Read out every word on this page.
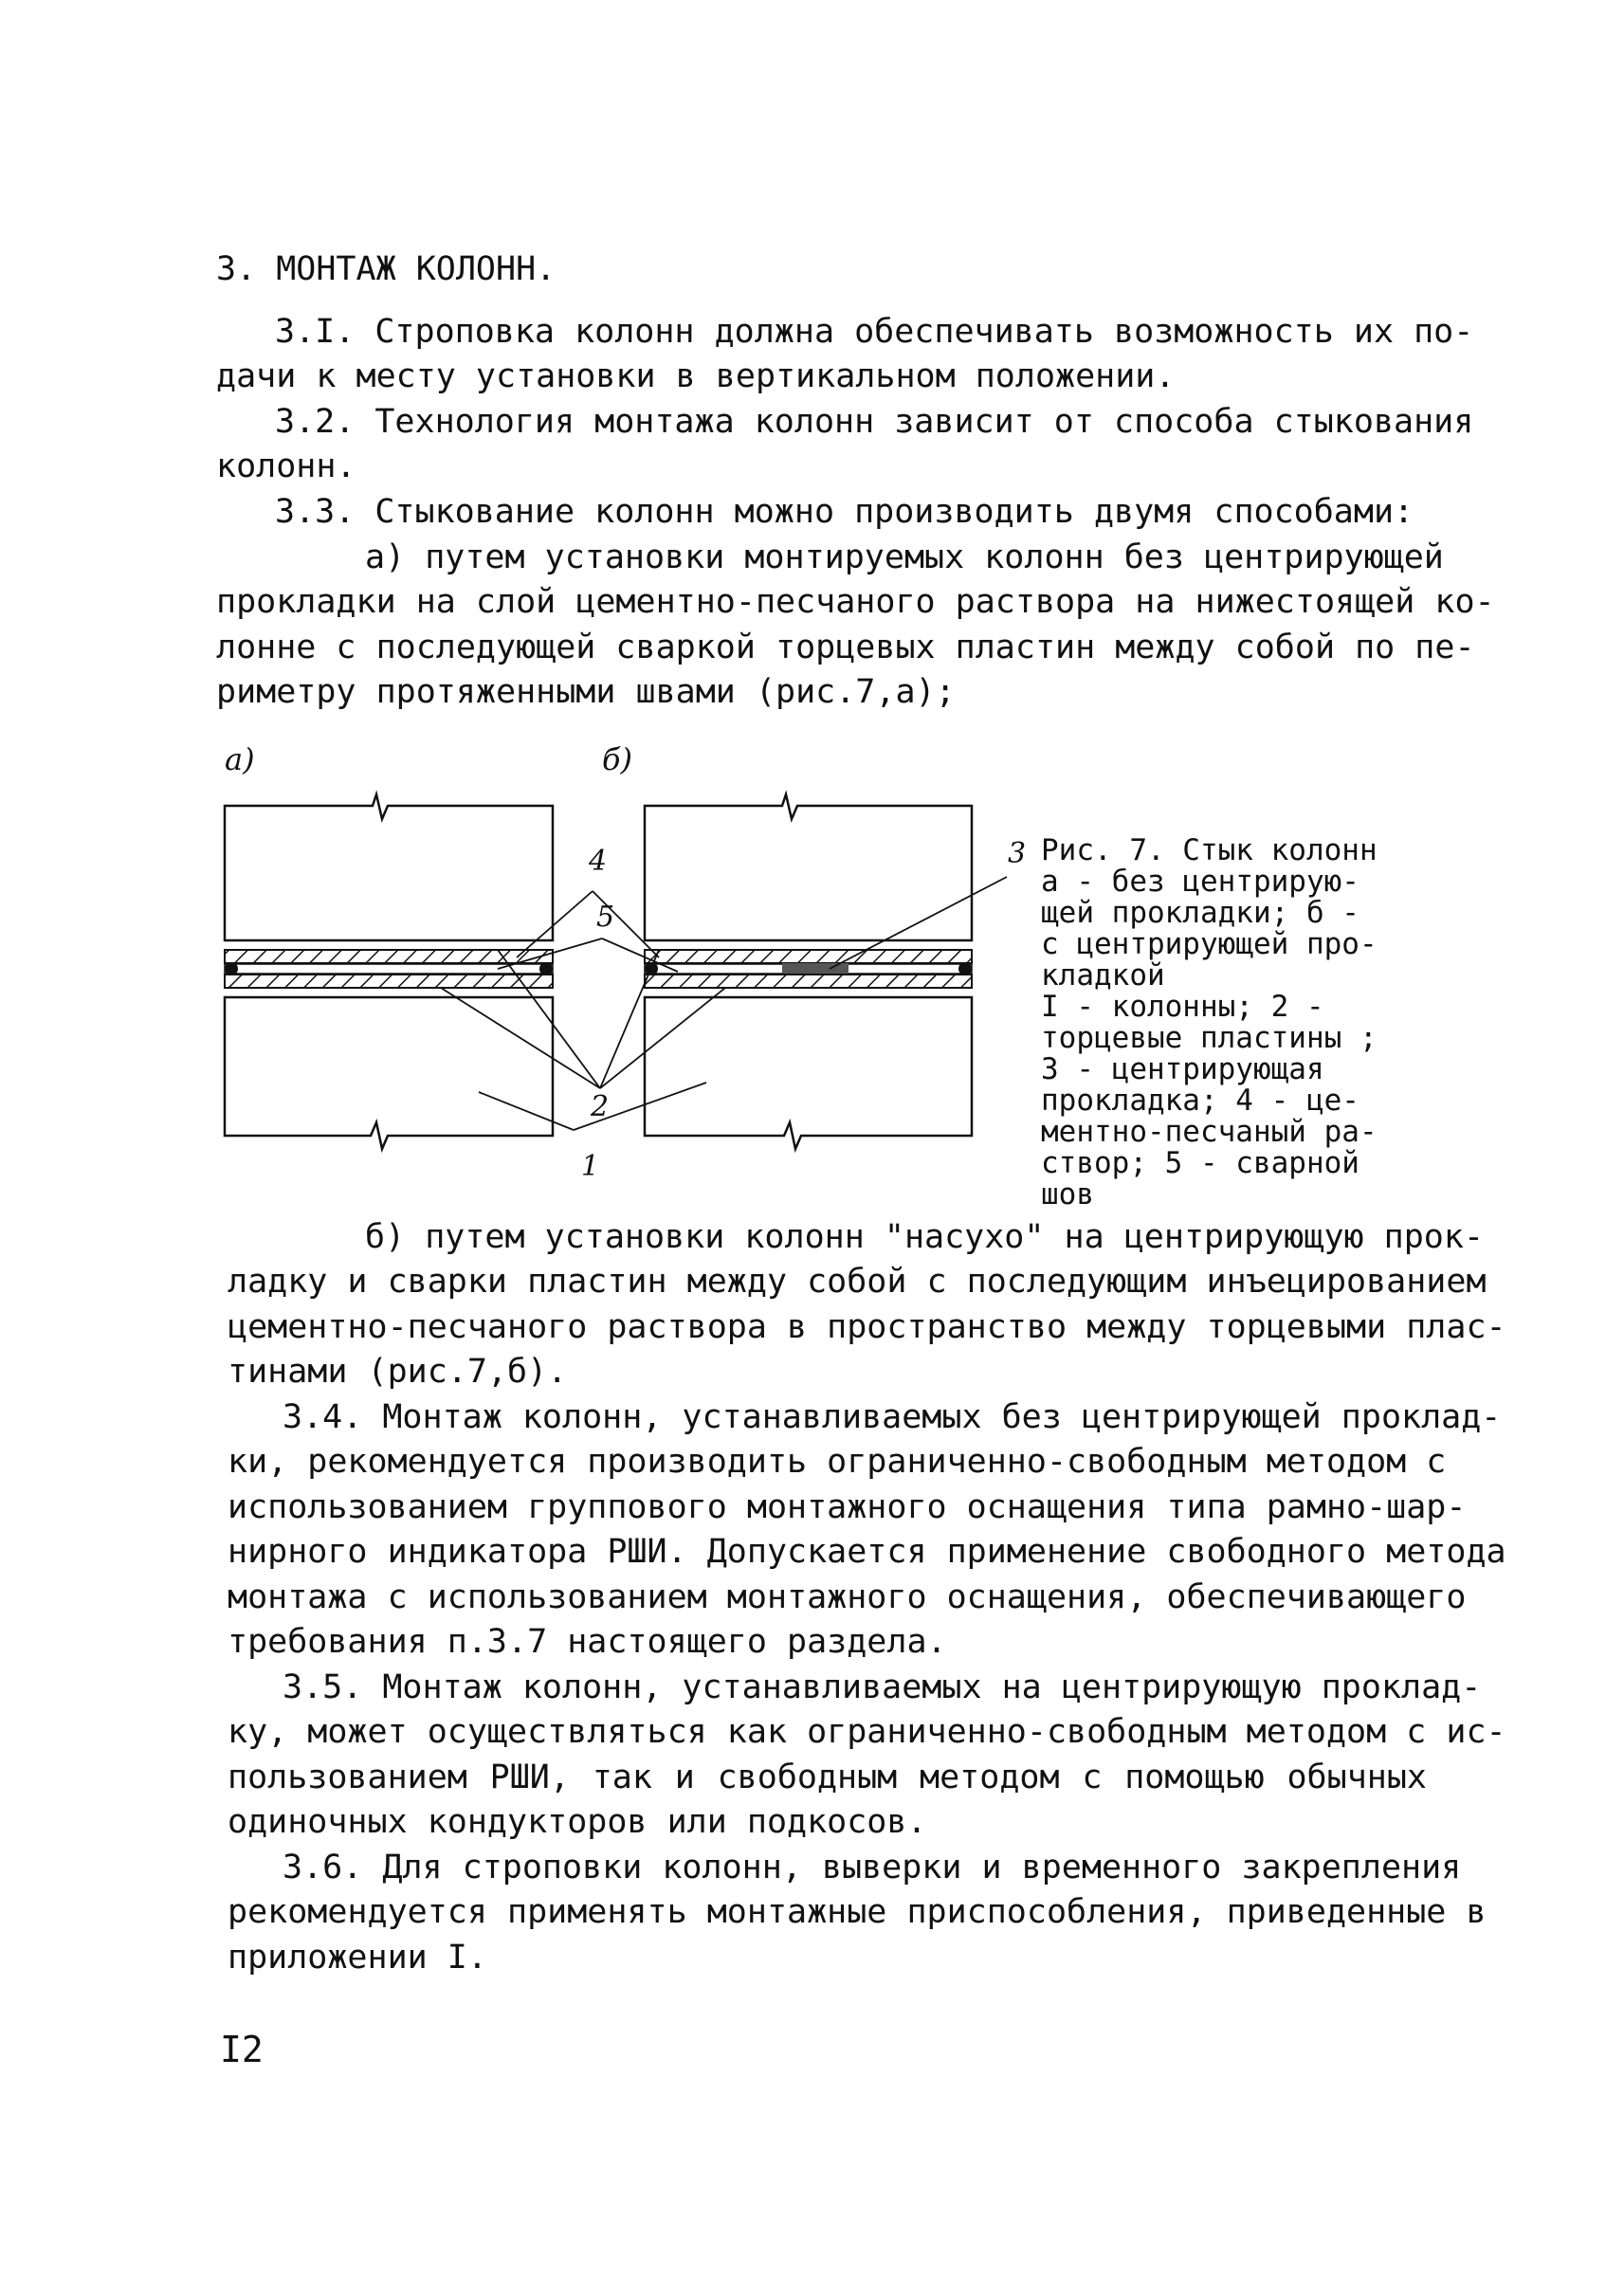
3. МОНТАЖ КОЛОНН.
3.I. Строповка колонн должна обеспечивать возможность их по-
дачи к месту установки в вертикальном положении.
3.2. Технология монтажа колонн зависит от способа стыкования
колонн.
3.3. Стыкование колонн можно производить двумя способами:
а) путем установки монтируемых колонн без центрирующей
прокладки на слой цементно-песчаного раствора на нижестоящей ко-
лонне с последующей сваркой торцевых пластин между собой по пе-
риметру протяженными швами (рис.7,а);
а)	б)
4
5
2
1
3 Рис. 7. Стык колонн
а - без центрирую-
щей прокладки; б -
с центрирующей про-
кладкой
I - колонны; 2 -
торцевые пластины ;
3 - центрирующая
прокладка; 4 - це-
ментно-песчаный ра-
створ; 5 - сварной
шов
б) путем установки колонн "насухо" на центрирующую прок-
ладку и сварки пластин между собой с последующим инъецированием
цементно-песчаного раствора в пространство между торцевыми плас-
тинами (рис.7,б).
3.4. Монтаж колонн, устанавливаемых без центрирующей проклад-
ки, рекомендуется производить ограниченно-свободным методом с
использованием группового монтажного оснащения типа рамно-шар-
нирного индикатора РШИ. Допускается применение свободного метода
монтажа с использованием монтажного оснащения, обеспечивающего
требования п.3.7 настоящего раздела.
3.5. Монтаж колонн, устанавливаемых на центрирующую проклад-
ку, может осуществляться как ограниченно-свободным методом с ис-
пользованием РШИ, так и свободным методом с помощью обычных
одиночных кондукторов или подкосов.
3.6. Для строповки колонн, выверки и временного закрепления
рекомендуется применять монтажные приспособления, приведенные в
приложении I.
I2
